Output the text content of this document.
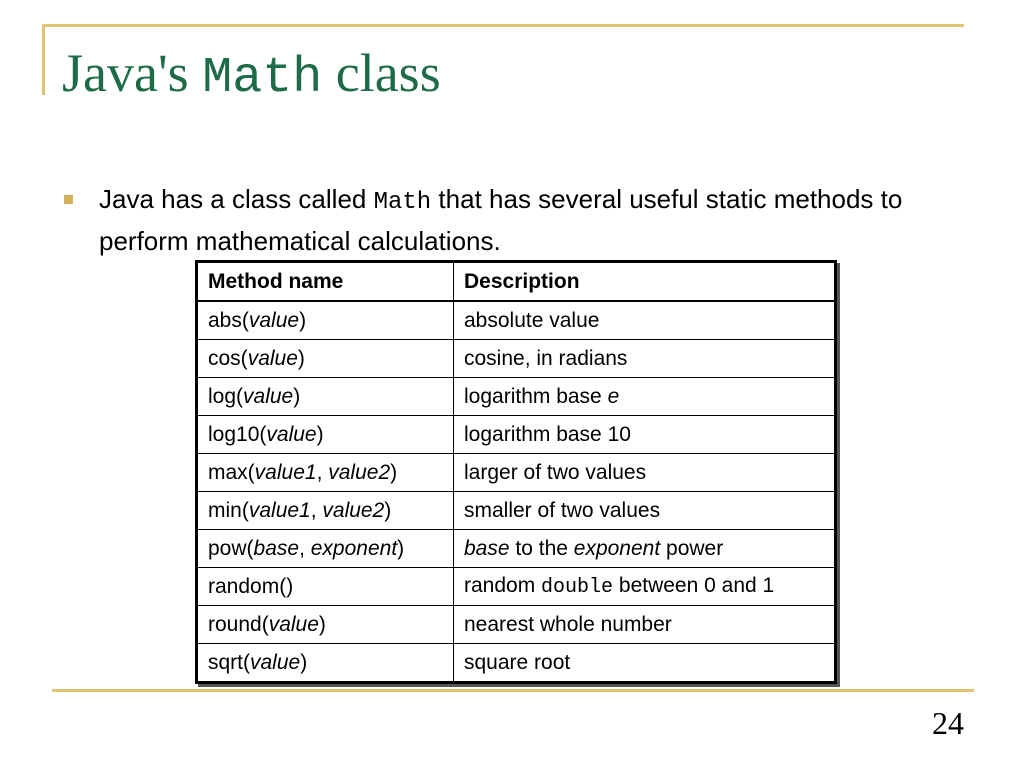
Java's Math class
Java has a class called Math that has several useful static methods to perform mathematical calculations.
Method name	Description
abs(value)	absolute value
cos(value)	cosine, in radians
log(value)	logarithm base e
log10(value)	logarithm base 10
max(value1, value2)	larger of two values
min(value1, value2)	smaller of two values
pow(base, exponent)	base to the exponent power
random()	random double between 0 and 1
round(value)	nearest whole number
sqrt(value)	square root
24
